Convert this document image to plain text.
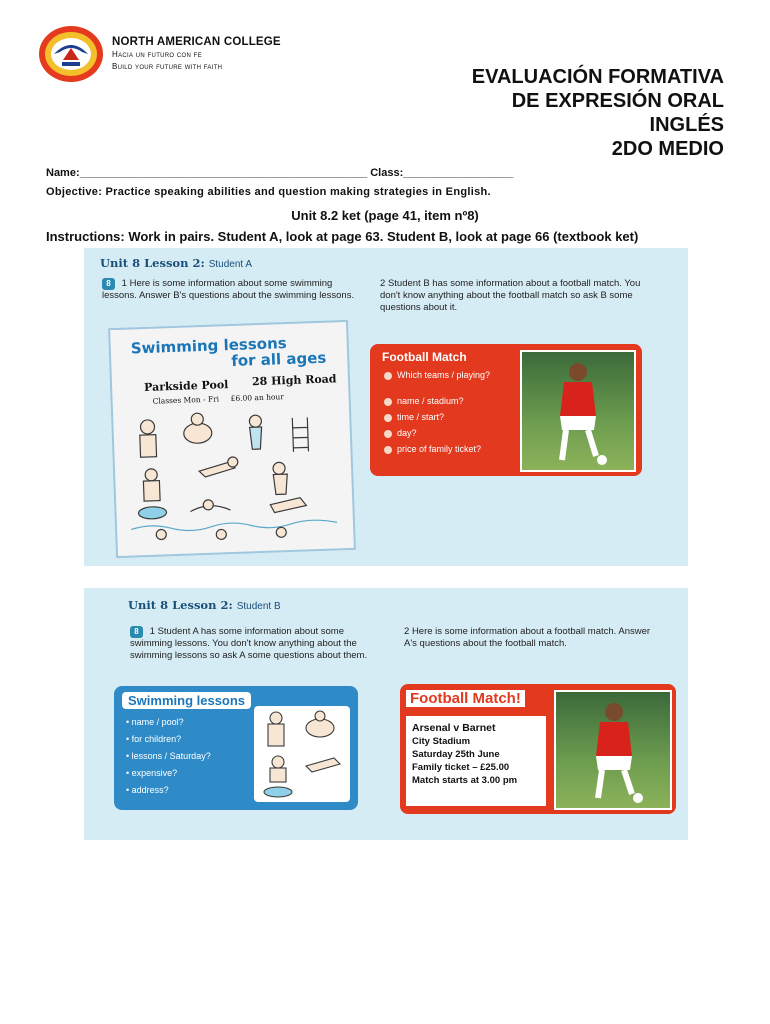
NORTH AMERICAN COLLEGE
Hacia un futuro con fe
Build your future with faith	EVALUACIÓN FORMATIVA
DE EXPRESIÓN ORAL
INGLÉS
2DO MEDIO
Name:_______________________________________________ Class:__________________
Objective: Practice speaking abilities and question making strategies in English.
Unit 8.2 ket (page 41, item nº8)
Instructions: Work in pairs. Student A, look at page 63. Student B, look at page 66 (textbook ket)
Unit 8 Lesson 2: Student A
8 1 Here is some information about some swimming lessons. Answer B's questions about the swimming lessons.
2 Student B has some information about a football match. You don't know anything about the football match so ask B some questions about it.
Swimming lessons
for all ages
Parkside Pool 28 High Road
Classes Mon - Fri £6.00 an hour
Football Match
Which teams / playing?
name / stadium?
time / start?
day?
price of family ticket?
Unit 8 Lesson 2: Student B
8 1 Student A has some information about some swimming lessons. You don't know anything about the swimming lessons so ask A some questions about them.
2 Here is some information about a football match. Answer A's questions about the football match.
Swimming lessons
• name / pool?
• for children?
• lessons / Saturday?
• expensive?
• address?
Football Match!
Arsenal v Barnet
City Stadium
Saturday 25th June
Family ticket – £25.00
Match starts at 3.00 pm
